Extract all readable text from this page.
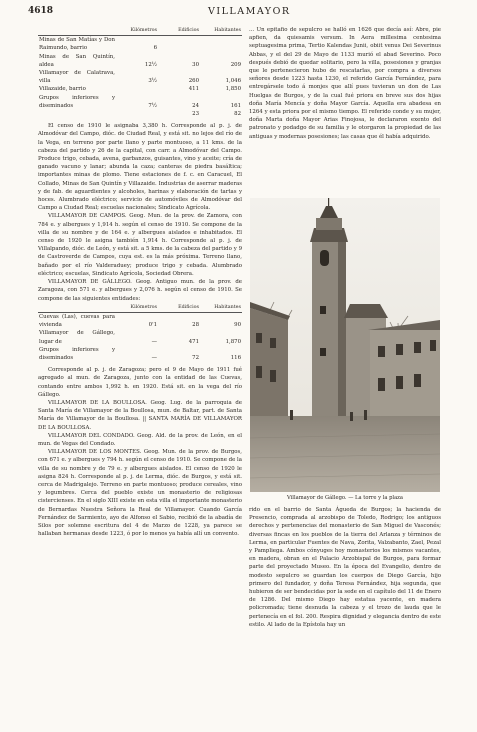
4618	VILLAMAYOR
	Kilómetros	Edificios	Habitantes
Minas de San Matías y Don Raimundo, barrio	6		
Minas de San Quintín, aldea	12½	30	209
Villamayor de Calatrava, villa	3½	260	1,046
Villazaide, barrio		411	1,850
Grupos inferiores y diseminados	7½	24	161
		23	82

El censo de 1910 le asignaba 3,380 h. Corresponde al p. j. de Almodóvar del Campo, dióc. de Ciudad Real, y está sit. no lejos del río de la Vega, en terreno por parte llano y parte montuoso, a 11 kms. de la cabeza del partido y 26 de la capital, con carr. a Almodóvar del Campo. Produce trigo, cebada, avena, garbanzos, guisantes, vino y aceite; cría de ganado vacuno y lanar; abunda la caza; canteras de piedra basáltica; importantes minas de plomo. Tiene estaciones de f. c. en Caracuel, El Collado, Minas de San Quintín y Villazaide. Industrias de aserrar maderas y de fab. de aguardientes y alcoholes, harinas y elaboración de tartas y hoces. Alumbrado eléctrico; servicio de automóviles de Almodóvar del Campo a Ciudad Real; escuelas nacionales; Sindicato Agrícola.

VILLAMAYOR DE CAMPOS. Geog. Mun. de la prov. de Zamora, con 784 e. y albergues y 1,914 h. según el censo de 1910. Se compone de la villa de su nombre y de 164 e. y albergues aislados e inhabitados. El censo de 1920 le asigna también 1,914 h. Corresponde al p. j. de Villalpando, dióc. de León, y está sit. a 5 kms. de la cabeza del partido y 9 de Castroverde de Campos, cuya est. es la más próxima. Terreno llano, bañado por el río Valderaduey; produce trigo y cebada. Alumbrado eléctrico; escuelas, Sindicato Agrícola, Sociedad Obrera.

VILLAMAYOR DE GÁLLEGO. Geog. Antiguo mun. de la prov. de Zaragoza, con 571 e. y albergues y 2,076 h. según el censo de 1910. Se compone de las siguientes entidades:

	Kilómetros	Edificios	Habitantes
Cuevas (Las), cuevas para vivienda	0'1	28	90
Villamayor de Gállego, lugar de	—	471	1,870
Grupos inferiores y diseminados	—	72	116

Corresponde al p. j. de Zaragoza; pero el 9 de Mayo de 1911 fué agregado al mun. de Zaragoza, junto con la entidad de las Cuevas, contando entre ambos 1,992 h. en 1920. Está sit. en la vega del río Gállego.

VILLAMAYOR DE LA BOULLOSA. Geog. Lug. de la parroquia de Santa María de Villamayor de la Boullosa, mun. de Baltar, part. de Santa María de Villamayor de la Boullosa. || SANTA MARÍA DE VILLAMAYOR DE LA BOULLOSA.

VILLAMAYOR DEL CONDADO. Geog. Ald. de la prov. de León, en el mun. de Vegas del Condado.

VILLAMAYOR DE LOS MONTES. Geog. Mun. de la prov. de Burgos, con 671 e. y albergues y 794 h. según el censo de 1910. Se compone de la villa de su nombre y de 79 e. y albergues aislados. El censo de 1920 le asigna 824 h. Corresponde al p. j. de Lerma, dióc. de Burgos, y está sit. cerca de Madrigalejo. Terreno en parte montuoso; produce cereales, vino y legumbres. Cerca del pueblo existe un monasterio de religiosas cistercienses. En el siglo XIII existe en esta villa el importante monasterio de Bernardas Nuestra Señora la Real de Villamayor. Cuando García Fernández de Sarmiento, ayo de Alfonso el Sabio, recibió de la abadía de Silos por solemne escritura del 4 de Marzo de 1228, ya parece se hallaban hermanas desde 1223, ó por lo menos ya había allí un convento.

... Un epitafio de sepulcro se halló en 1626 que decía así: Abre, pie apfien, da quiesamis versum. In Aera millesima centesima septuagesima prima, Tertio Kalendas Junii, obiit venus Dei Severinus Abbas, y el del 29 de Mayo de 1133 murió el abad Severino. Poco después debió de quedar solitario, pero la villa, posesiones y granjas que le pertenecieron hubo de rescatarlas, por compra a diversos señores desde 1223 hasta 1230, el referido García Fernández, para entregársele todo á monjes que allí pues tuvieran un don de Las Huelgas de Burgos, y de la cual fué priora en breve sus dos hijas doña María Mencía y doña Mayor García. Aquella era abadesa en 1264 y esta priora por el mismo tiempo. El referido conde y su mujer, doña Marta doña Mayor Arias Finojosa, le declararon exento del patronato y podadgo de su familia y le otorgaron la propiedad de las antiguas y modernas posesiones; las casas que él había adquirido.

Villamayor de Gállego. — La torre y la plaza

rido en el barrio de Santa Águeda de Burgos; la hacienda de Presencio, comprada al arzobispo de Toledo, Rodrigo; los antiguos derechos y pertenencias del monasterio de San Miguel de Vasconés; diversas fincas en los pueblos de la tierra del Arlanza y términos de Lerma, en particular Fuentes de Nava, Zorita, Valzabanto, Zael, Pezal y Pampliega. Ambos cónyuges hoy monasterios los mismos vacantes, en madera, obran en el Palacio Arzobispal de Burgos, para formar parte del proyectado Museo. En la época del Evangelio, dentro de modesto sepulcro se guardan los cuerpos de Diego García, hijo primero del fundador, y doña Teresa Fernández, hija segunda, que hubieron de ser bendecidas por la sede en el capítulo del 11 de Enero de 1286. Del mismo Diego hay estatua yacente, en madera policromada; tiene desnuda la cabeza y el trozo de lauda que le pertenecía en el fol. 200. Respira dignidad y elegancia dentro de este estilo. Al lado de la Epístola hay un
